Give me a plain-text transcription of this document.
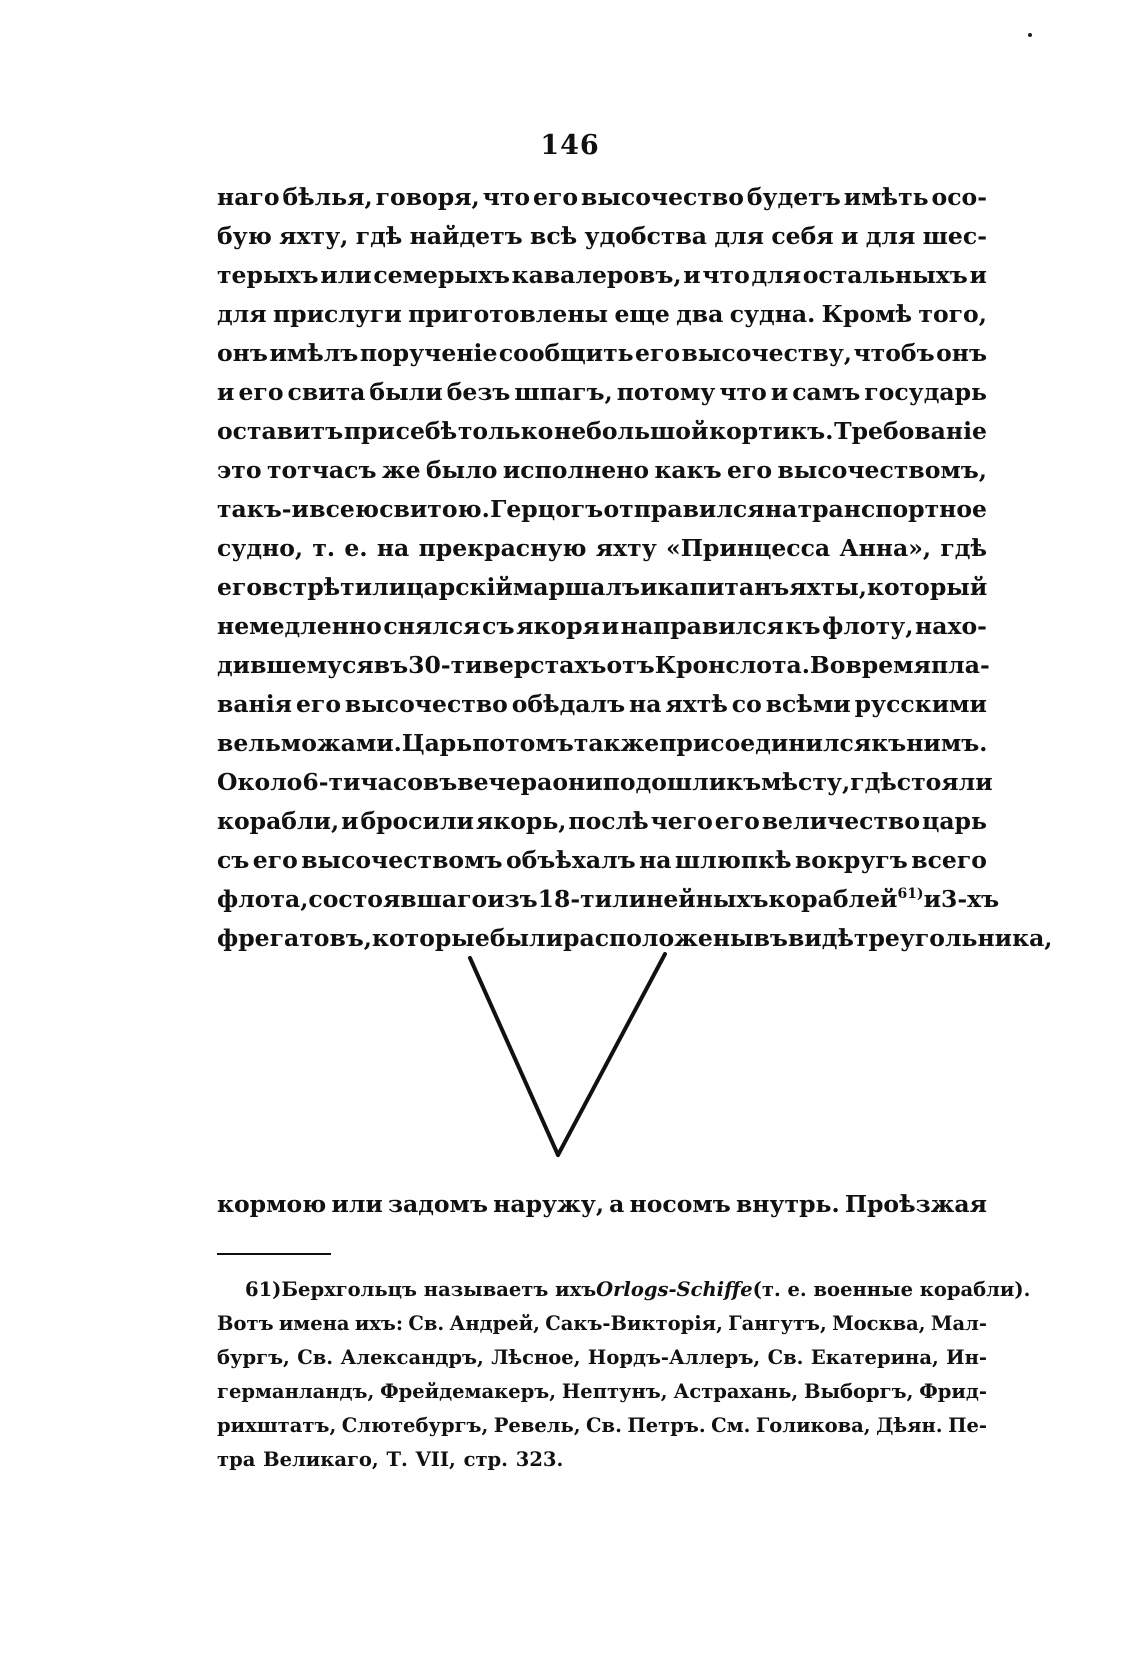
146
наго бѣлья, говоря, что его высочество будетъ имѣть осо-
бую яхту, гдѣ найдетъ всѣ удобства для себя и для шес-
терыхъ или семерыхъ кавалеровъ, и что для остальныхъ и
для прислуги приготовлены еще два судна. Кромѣ того,
онъ имѣлъ порученіе сообщить его высочеству, чтобъ онъ
и его свита были безъ шпагъ, потому что и самъ государь
оставитъ при себѣ только небольшой кортикъ. Требованіе
это тотчасъ же было исполнено какъ его высочествомъ,
такъ-и всею свитою. Герцогъ отправился на транспортное
судно, т. е. на прекрасную яхту «Принцесса Анна», гдѣ
его встрѣтили царскій маршалъ и капитанъ яхты, который
немедленно снялся съ якоря и направился къ флоту, нахо-
дившемуся въ 30-ти верстахъ отъ Кронслота. Во время пла-
ванія его высочество обѣдалъ на яхтѣ со всѣми русскими
вельможами. Царь потомъ также присоединился къ нимъ.
Около 6-ти часовъ вечера они подошли къ мѣсту, гдѣ стояли
корабли, и бросили якорь, послѣ чего его величество царь
съ его высочествомъ объѣхалъ на шлюпкѣ вокругъ всего
флота, состоявшаго изъ 18-ти линейныхъ кораблей$^{61)}$ и 3-хъ
фрегатовъ, которые были расположены въ видѣ треугольника,
кормою или задомъ наружу, а носомъ внутрь. Проѣзжая
61) Берхгольцъ называетъ ихъ Orlogs-Schiffe (т. е. военные корабли).
Вотъ имена ихъ: Св. Андрей, Сакъ-Викторія, Гангутъ, Москва, Мал-
бургъ, Св. Александръ, Лѣсное, Нордъ-Аллеръ, Св. Екатерина, Ин-
германландъ, Фрейдемакеръ, Нептунъ, Астрахань, Выборгъ, Фрид-
рихштатъ, Слютебургъ, Ревель, Св. Петръ. См. Голикова, Дѣян. Пе-
тра Великаго, Т. VII, стр. 323.
